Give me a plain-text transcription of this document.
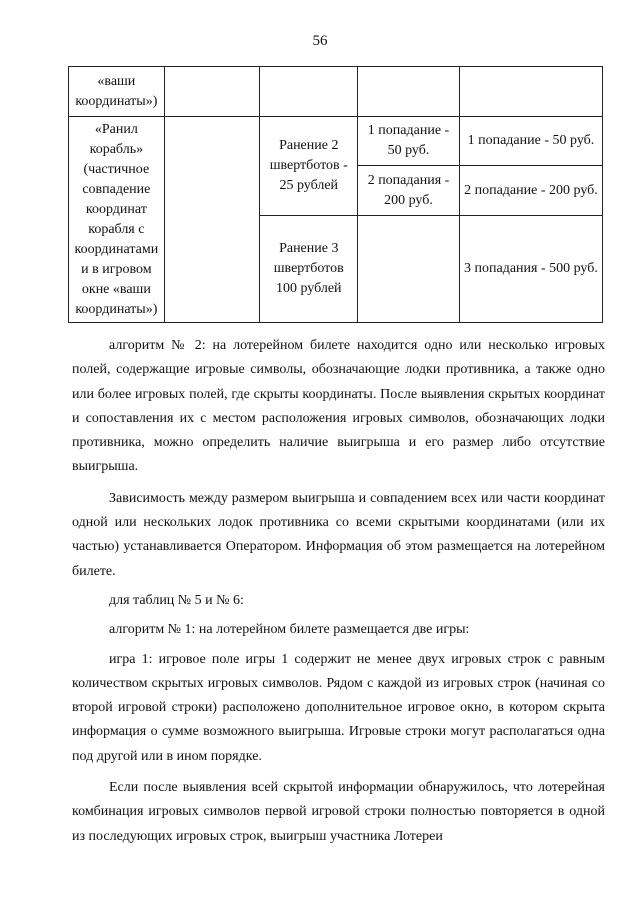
56
«ваши координаты»)				
«Ранил корабль» (частичное совпадение координат корабля с координатами и в игровом окне «ваши координаты»)		Ранение 2 швертботов - 25 рублей	1 попадание - 50 руб.	1 попадание - 50 руб.
			2 попадания - 200 руб.	2 попадание - 200 руб.
		Ранение 3 швертботов 100 рублей		3 попадания - 500 руб.

алгоритм № 2: на лотерейном билете находится одно или несколько игровых полей, содержащие игровые символы, обозначающие лодки противника, а также одно или более игровых полей, где скрыты координаты. После выявления скрытых координат и сопоставления их с местом расположения игровых символов, обозначающих лодки противника, можно определить наличие выигрыша и его размер либо отсутствие выигрыша.

Зависимость между размером выигрыша и совпадением всех или части координат одной или нескольких лодок противника со всеми скрытыми координатами (или их частью) устанавливается Оператором. Информация об этом размещается на лотерейном билете.

для таблиц № 5 и № 6:

алгоритм № 1: на лотерейном билете размещается две игры:

игра 1: игровое поле игры 1 содержит не менее двух игровых строк с равным количеством скрытых игровых символов. Рядом с каждой из игровых строк (начиная со второй игровой строки) расположено дополнительное игровое окно, в котором скрыта информация о сумме возможного выигрыша. Игровые строки могут располагаться одна под другой или в ином порядке.

Если после выявления всей скрытой информации обнаружилось, что лотерейная комбинация игровых символов первой игровой строки полностью повторяется в одной из последующих игровых строк, выигрыш участника Лотереи
